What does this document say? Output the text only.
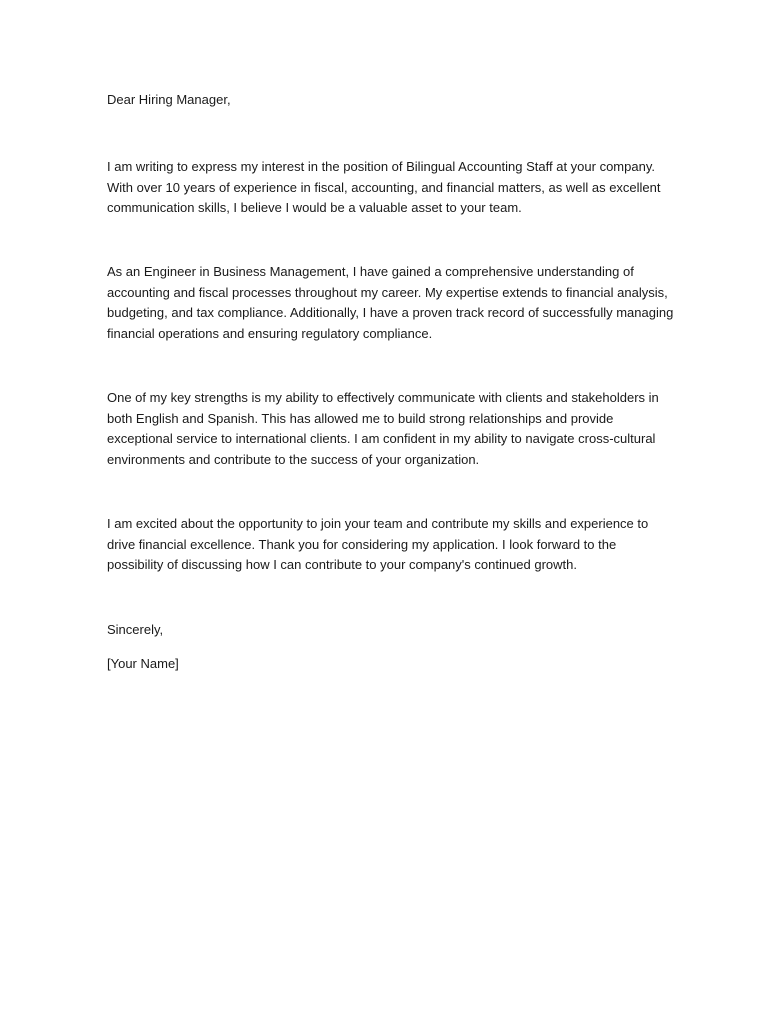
Dear Hiring Manager,

I am writing to express my interest in the position of Bilingual Accounting Staff at your company.
With over 10 years of experience in fiscal, accounting, and financial matters, as well as excellent
communication skills, I believe I would be a valuable asset to your team.
As an Engineer in Business Management, I have gained a comprehensive understanding of
accounting and fiscal processes throughout my career. My expertise extends to financial analysis,
budgeting, and tax compliance. Additionally, I have a proven track record of successfully managing
financial operations and ensuring regulatory compliance.
One of my key strengths is my ability to effectively communicate with clients and stakeholders in
both English and Spanish. This has allowed me to build strong relationships and provide
exceptional service to international clients. I am confident in my ability to navigate cross-cultural
environments and contribute to the success of your organization.
I am excited about the opportunity to join your team and contribute my skills and experience to
drive financial excellence. Thank you for considering my application. I look forward to the
possibility of discussing how I can contribute to your company's continued growth.

Sincerely,

[Your Name]
